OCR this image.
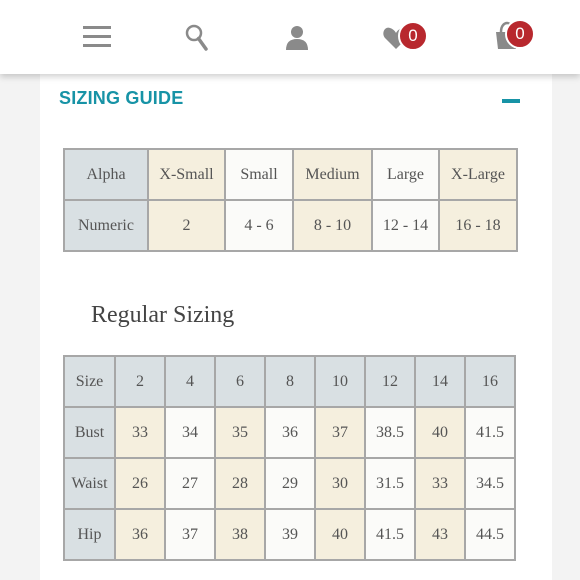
0	0
SIZING GUIDE
Alpha	X-Small	Small	Medium	Large	X-Large
Numeric	2	4 - 6	8 - 10	12 - 14	16 - 18
Regular Sizing
Size	2	4	6	8	10	12	14	16
Bust	33	34	35	36	37	38.5	40	41.5
Waist	26	27	28	29	30	31.5	33	34.5
Hip	36	37	38	39	40	41.5	43	44.5
